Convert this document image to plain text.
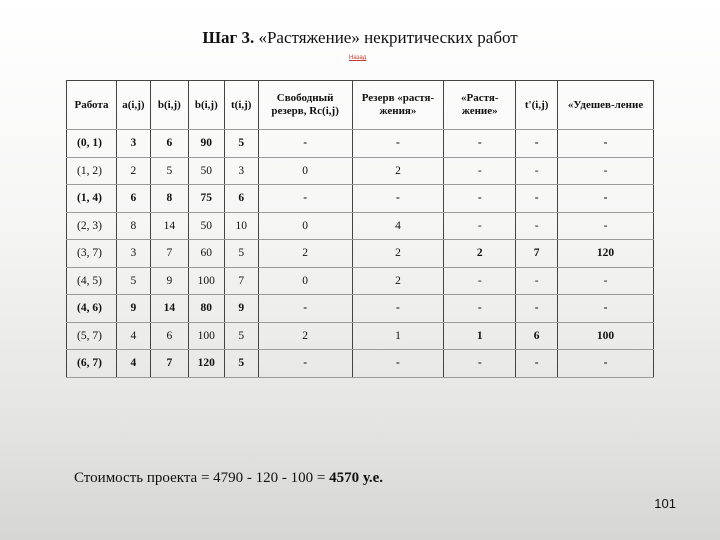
Шаг 3. «Растяжение» некритических работ
Назад
Работа	a(i,j)	b(i,j)	b(i,j)	t(i,j)	Свободный резерв, Rс(i,j)	Резерв «растя-жения»	«Растя-жение»	t'(i,j)	«Удешев-ление
(0, 1)	3	6	90	5	-	-	-	-	-
(1, 2)	2	5	50	3	0	2	-	-	-
(1, 4)	6	8	75	6	-	-	-	-	-
(2, 3)	8	14	50	10	0	4	-	-	-
(3, 7)	3	7	60	5	2	2	2	7	120
(4, 5)	5	9	100	7	0	2	-	-	-
(4, 6)	9	14	80	9	-	-	-	-	-
(5, 7)	4	6	100	5	2	1	1	6	100
(6, 7)	4	7	120	5	-	-	-	-	-
Стоимость проекта = 4790 - 120 - 100 = 4570 у.е.
101
